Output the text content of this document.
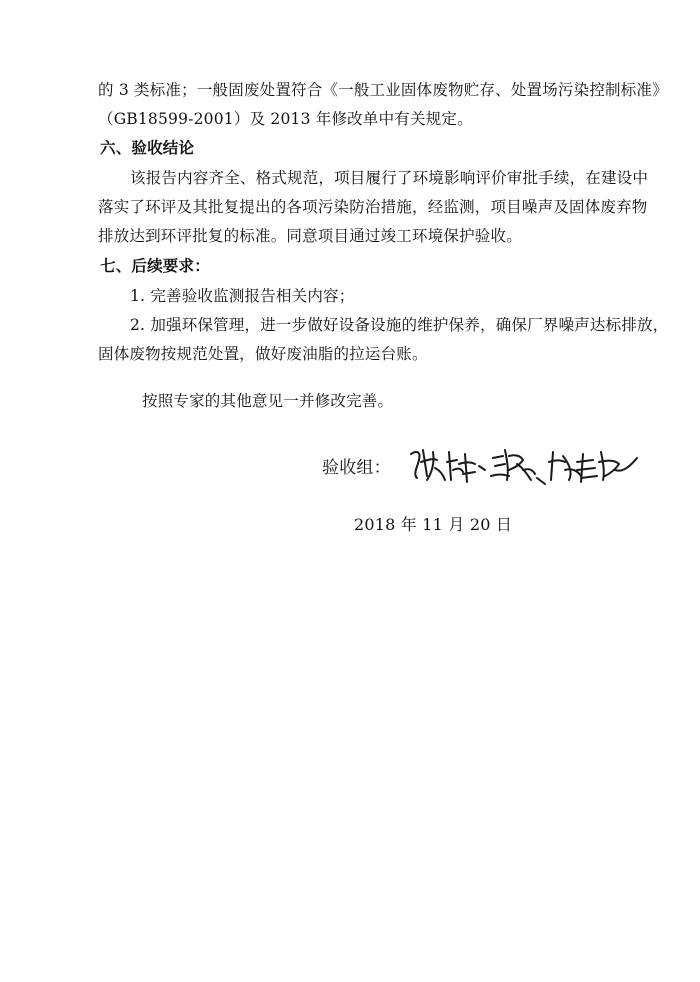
的 3 类标准；一般固废处置符合《一般工业固体废物贮存、处置场污染控制标准》
（GB18599-2001）及 2013 年修改单中有关规定。
六、验收结论
该报告内容齐全、格式规范，项目履行了环境影响评价审批手续，在建设中
落实了环评及其批复提出的各项污染防治措施，经监测，项目噪声及固体废弃物
排放达到环评批复的标准。同意项目通过竣工环境保护验收。
七、后续要求：
1. 完善验收监测报告相关内容；
2. 加强环保管理，进一步做好设备设施的维护保养，确保厂界噪声达标排放，
固体废物按规范处置，做好废油脂的拉运台账。
按照专家的其他意见一并修改完善。
验收组：
2018 年 11 月 20 日
